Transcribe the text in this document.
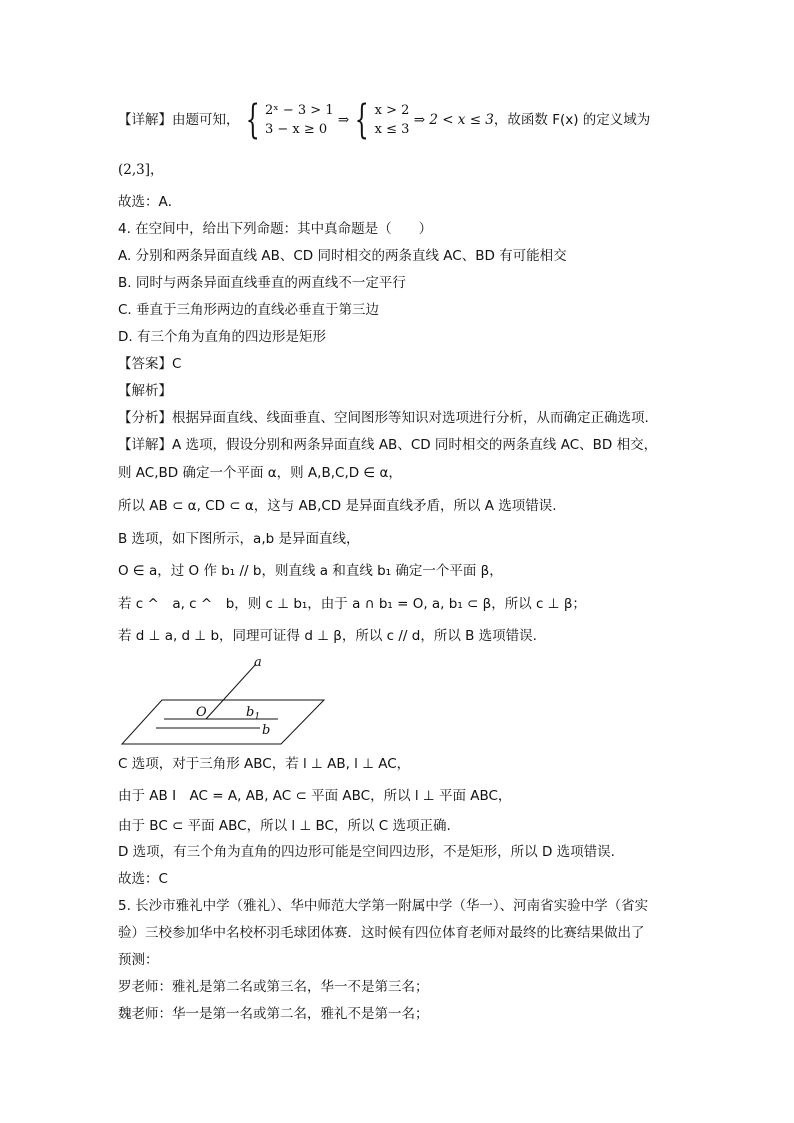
【详解】由题可知， { 2ˣ − 3 > 1
3 − x ≥ 0 ⇒ { x > 2
x ≤ 3 ⇒ 2 < x ≤ 3，故函数 F(x) 的定义域为
(2,3]，
故选：A．
4. 在空间中，给出下列命题：其中真命题是（　　）
A. 分别和两条异面直线 AB、CD 同时相交的两条直线 AC、BD 有可能相交
B. 同时与两条异面直线垂直的两直线不一定平行
C. 垂直于三角形两边的直线必垂直于第三边
D. 有三个角为直角的四边形是矩形
【答案】C
【解析】
【分析】根据异面直线、线面垂直、空间图形等知识对选项进行分析，从而确定正确选项.
【详解】A 选项，假设分别和两条异面直线 AB、CD 同时相交的两条直线 AC、BD 相交，
则 AC,BD 确定一个平面 α，则 A,B,C,D ∈ α，
所以 AB ⊂ α, CD ⊂ α，这与 AB,CD 是异面直线矛盾，所以 A 选项错误.
B 选项，如下图所示，a,b 是异面直线，
O ∈ a，过 O 作 b₁ // b，则直线 a 和直线 b₁ 确定一个平面 β，
若 c ^　a, c ^　b，则 c ⊥ b₁，由于 a ∩ b₁ = O, a, b₁ ⊂ β，所以 c ⊥ β；
若 d ⊥ a, d ⊥ b，同理可证得 d ⊥ β，所以 c // d，所以 B 选项错误.
a
O	$b_1$
b
C 选项，对于三角形 ABC，若 l ⊥ AB, l ⊥ AC，
由于 AB I　AC = A, AB, AC ⊂ 平面 ABC，所以 l ⊥ 平面 ABC，
由于 BC ⊂ 平面 ABC，所以 l ⊥ BC，所以 C 选项正确.
D 选项，有三个角为直角的四边形可能是空间四边形，不是矩形，所以 D 选项错误.
故选：C
5. 长沙市雅礼中学（雅礼）、华中师范大学第一附属中学（华一）、河南省实验中学（省实
验）三校参加华中名校杯羽毛球团体赛．这时候有四位体育老师对最终的比赛结果做出了
预测：
罗老师：雅礼是第二名或第三名，华一不是第三名；
魏老师：华一是第一名或第二名，雅礼不是第一名；
